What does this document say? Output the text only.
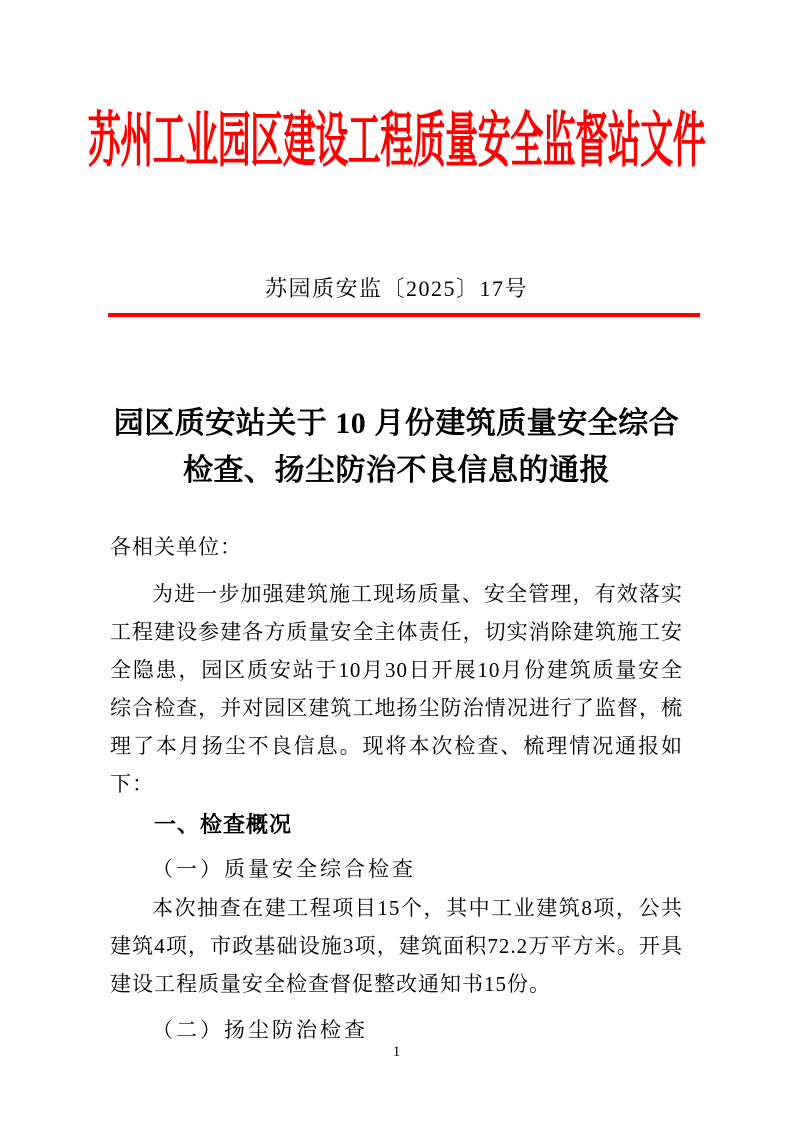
苏州工业园区建设工程质量安全监督站文件
苏园质安监〔2025〕17号
园区质安站关于 10 月份建筑质量安全综合
检查、扬尘防治不良信息的通报
各相关单位：

为进一步加强建筑施工现场质量、安全管理，有效落实工程建设参建各方质量安全主体责任，切实消除建筑施工安全隐患，园区质安站于10月30日开展10月份建筑质量安全综合检查，并对园区建筑工地扬尘防治情况进行了监督，梳理了本月扬尘不良信息。现将本次检查、梳理情况通报如下：

一、检查概况
（一）质量安全综合检查

本次抽查在建工程项目15个，其中工业建筑8项，公共建筑4项，市政基础设施3项，建筑面积72.2万平方米。开具建设工程质量安全检查督促整改通知书15份。

（二）扬尘防治检查
1
